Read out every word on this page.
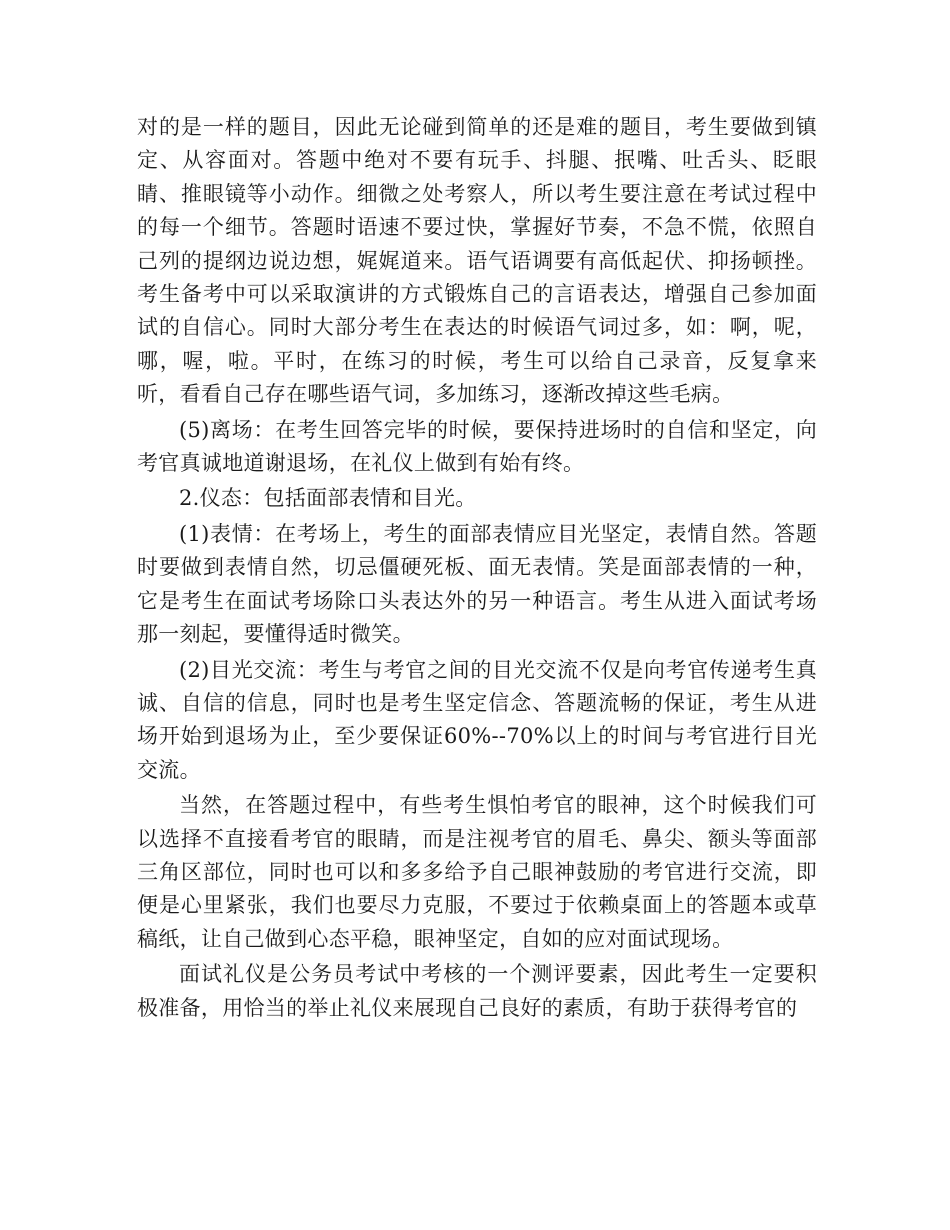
对的是一样的题目，因此无论碰到简单的还是难的题目，考生要做到镇定、从容面对。答题中绝对不要有玩手、抖腿、抿嘴、吐舌头、眨眼睛、推眼镜等小动作。细微之处考察人，所以考生要注意在考试过程中的每一个细节。答题时语速不要过快，掌握好节奏，不急不慌，依照自己列的提纲边说边想，娓娓道来。语气语调要有高低起伏、抑扬顿挫。考生备考中可以采取演讲的方式锻炼自己的言语表达，增强自己参加面试的自信心。同时大部分考生在表达的时候语气词过多，如：啊，呢，哪，喔，啦。平时，在练习的时候，考生可以给自己录音，反复拿来听，看看自己存在哪些语气词，多加练习，逐渐改掉这些毛病。

(5)离场：在考生回答完毕的时候，要保持进场时的自信和坚定，向考官真诚地道谢退场，在礼仪上做到有始有终。

2.仪态：包括面部表情和目光。

(1)表情：在考场上，考生的面部表情应目光坚定，表情自然。答题时要做到表情自然，切忌僵硬死板、面无表情。笑是面部表情的一种，它是考生在面试考场除口头表达外的另一种语言。考生从进入面试考场那一刻起，要懂得适时微笑。

(2)目光交流：考生与考官之间的目光交流不仅是向考官传递考生真诚、自信的信息，同时也是考生坚定信念、答题流畅的保证，考生从进场开始到退场为止，至少要保证60%--70%以上的时间与考官进行目光交流。

当然，在答题过程中，有些考生惧怕考官的眼神，这个时候我们可以选择不直接看考官的眼睛，而是注视考官的眉毛、鼻尖、额头等面部三角区部位，同时也可以和多多给予自己眼神鼓励的考官进行交流，即便是心里紧张，我们也要尽力克服，不要过于依赖桌面上的答题本或草稿纸，让自己做到心态平稳，眼神坚定，自如的应对面试现场。

面试礼仪是公务员考试中考核的一个测评要素，因此考生一定要积极准备，用恰当的举止礼仪来展现自己良好的素质，有助于获得考官的
